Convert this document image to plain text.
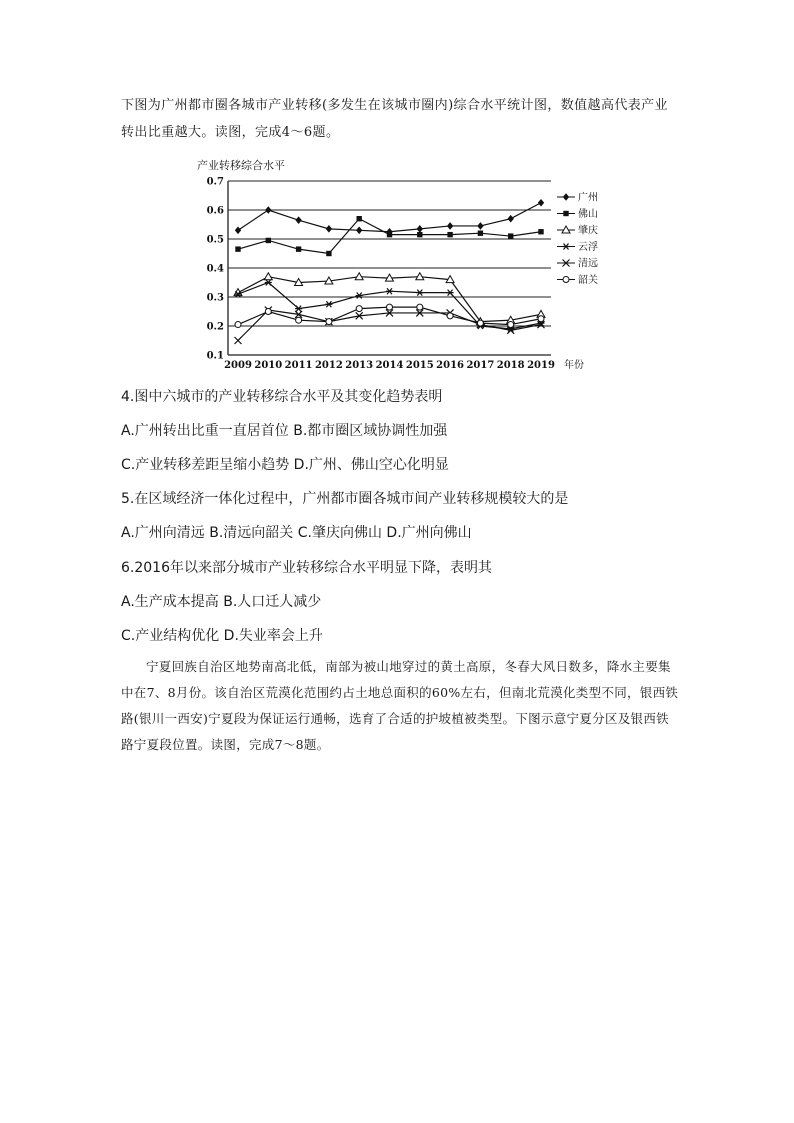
下图为广州都市圈各城市产业转移(多发生在该城市圈内)综合水平统计图，数值越高代表产业转出比重越大。读图，完成4～6题。

产业转移综合水平
0.1
0.2
0.3
0.4
0.5
0.6
0.7
2009 2010 2011 2012 2013 2014 2015 2016 2017 2018 2019
广州
佛山
肇庆
云浮
清远
韶关
年份

4.图中六城市的产业转移综合水平及其变化趋势表明

A.广州转出比重一直居首位 B.都市圈区域协调性加强

C.产业转移差距呈缩小趋势 D.广州、佛山空心化明显

5.在区域经济一体化过程中，广州都市圈各城市间产业转移规模较大的是

A.广州向清远 B.清远向韶关 C.肇庆向佛山 D.广州向佛山

6.2016年以来部分城市产业转移综合水平明显下降，表明其

A.生产成本提高 B.人口迁人减少

C.产业结构优化 D.失业率会上升

宁夏回族自治区地势南高北低，南部为被山地穿过的黄土高原，冬春大风日数多，降水主要集中在7、8月份。该自治区荒漠化范围约占土地总面积的60%左右，但南北荒漠化类型不同，银西铁路(银川一西安)宁夏段为保证运行通畅，选育了合适的护坡植被类型。下图示意宁夏分区及银西铁路宁夏段位置。读图，完成7～8题。
